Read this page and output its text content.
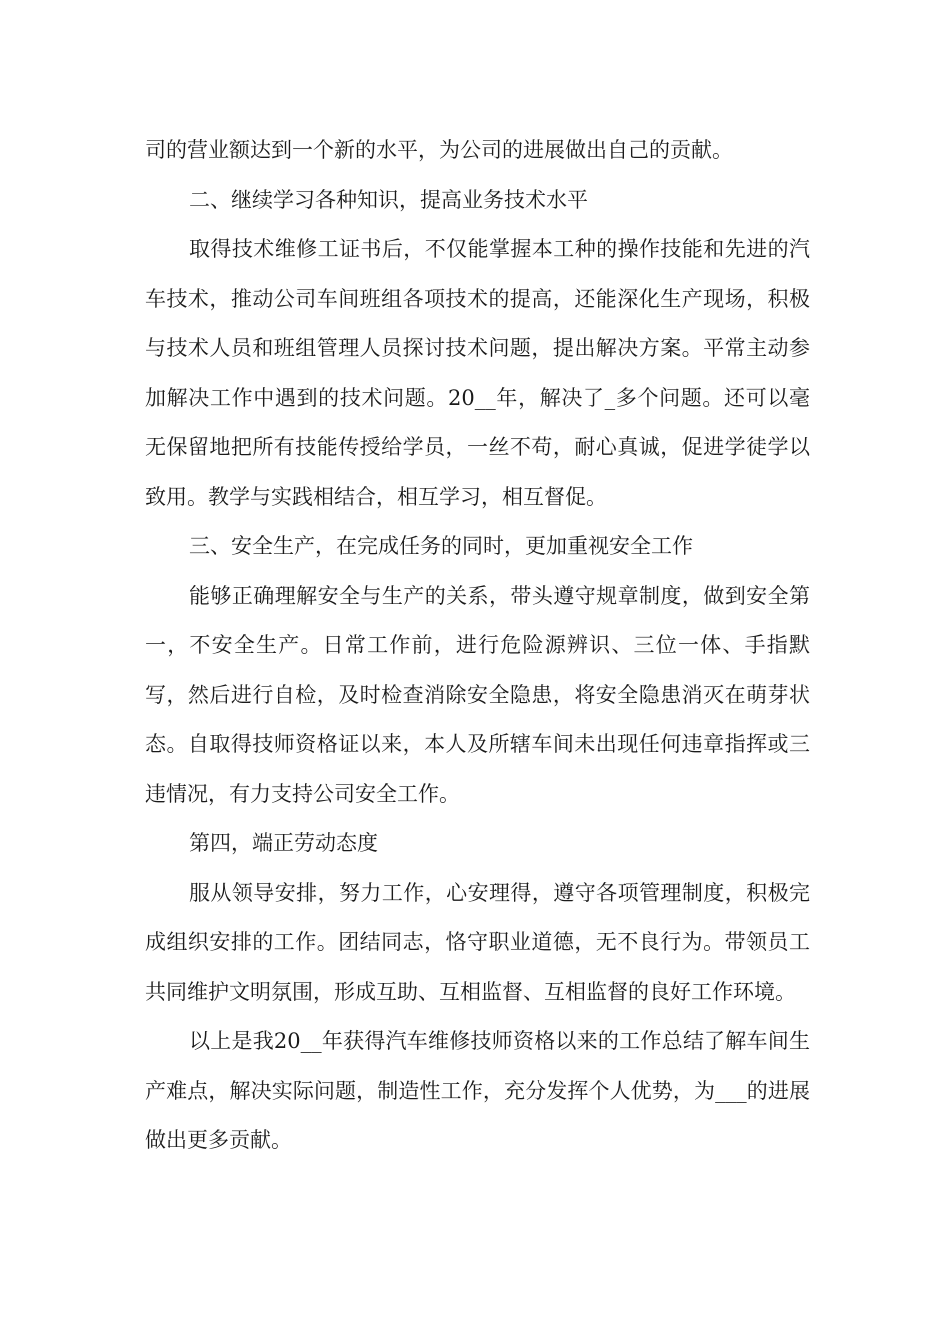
司的营业额达到一个新的水平，为公司的进展做出自己的贡献。

二、继续学习各种知识，提高业务技术水平

取得技术维修工证书后，不仅能掌握本工种的操作技能和先进的汽车技术，推动公司车间班组各项技术的提高，还能深化生产现场，积极与技术人员和班组管理人员探讨技术问题，提出解决方案。平常主动参加解决工作中遇到的技术问题。20__年，解决了_多个问题。还可以毫无保留地把所有技能传授给学员，一丝不苟，耐心真诚，促进学徒学以致用。教学与实践相结合，相互学习，相互督促。

三、安全生产，在完成任务的同时，更加重视安全工作

能够正确理解安全与生产的关系，带头遵守规章制度，做到安全第一，不安全生产。日常工作前，进行危险源辨识、三位一体、手指默写，然后进行自检，及时检查消除安全隐患，将安全隐患消灭在萌芽状态。自取得技师资格证以来，本人及所辖车间未出现任何违章指挥或三违情况，有力支持公司安全工作。

第四，端正劳动态度

服从领导安排，努力工作，心安理得，遵守各项管理制度，积极完成组织安排的工作。团结同志，恪守职业道德，无不良行为。带领员工共同维护文明氛围，形成互助、互相监督、互相监督的良好工作环境。

以上是我20__年获得汽车维修技师资格以来的工作总结了解车间生产难点，解决实际问题，制造性工作，充分发挥个人优势，为___的进展做出更多贡献。
